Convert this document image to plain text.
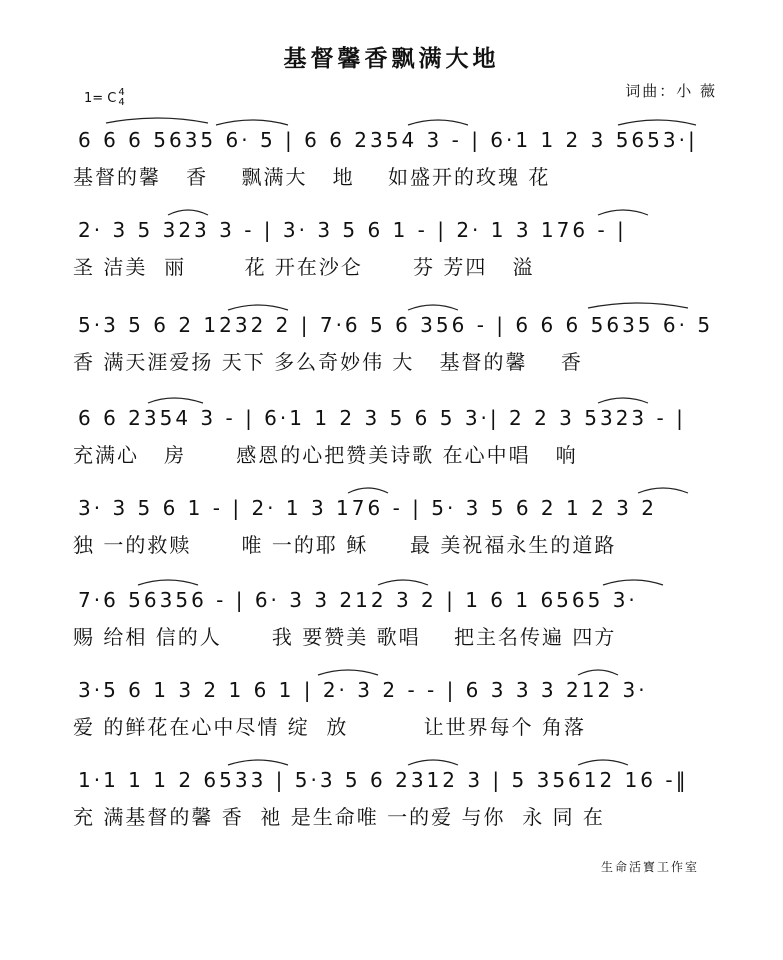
基督馨香飘满大地
1= C 4
4
词曲：小 薇
6 6 6 5635 6· 5 | 6 6 2354 3 - | 6·1 1 2 3 5653·|
基督的馨   香    飘满大   地    如盛开的玫瑰 花
2· 3 5 323 3 - | 3· 3 5 6 1 - | 2· 1 3 176 - |
圣 洁美  丽       花 开在沙仑      芬 芳四   溢
5·3 5 6 2 1232 2 | 7·6 5 6 356 - | 6 6 6 5635 6· 5
香 满天涯爱扬 天下 多么奇妙伟 大   基督的馨    香
6 6 2354 3 - | 6·1 1 2 3 5 6 5 3·| 2 2 3 5323 - |
充满心   房      感恩的心把赞美诗歌 在心中唱   响
3· 3 5 6 1 - | 2· 1 3 176 - | 5· 3 5 6 2 1 2 3 2
独 一的救赎      唯 一的耶 稣     最 美祝福永生的道路
7·6 56356 - | 6· 3 3 212 3 2 | 1 6 1 6565 3·
赐 给相 信的人      我 要赞美 歌唱    把主名传遍 四方
3·5 6 1 3 2 1 6 1 | 2· 3 2 - - | 6 3 3 3 212 3·
爱 的鲜花在心中尽情 绽  放         让世界每个 角落
1·1 1 1 2 6533 | 5·3 5 6 2312 3 | 5 35612 16 -‖
充 满基督的馨 香  祂 是生命唯 一的爱 与你  永 同 在
生命活寳工作室
